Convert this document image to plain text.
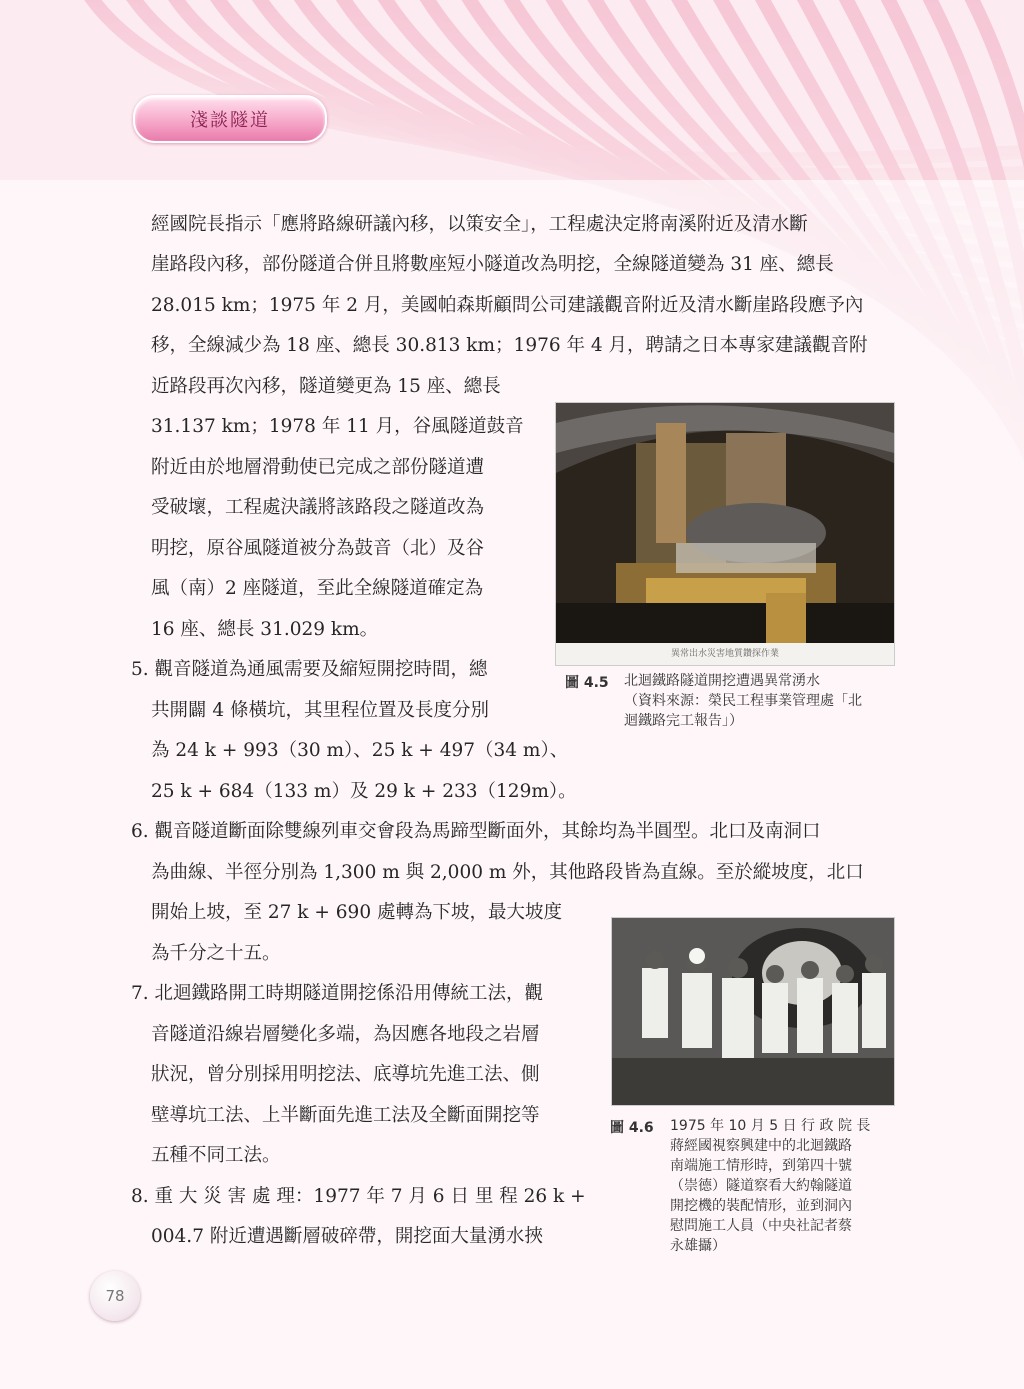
淺談隧道
經國院長指示「應將路線研議內移，以策安全」，工程處決定將南溪附近及清水斷
崖路段內移，部份隧道合併且將數座短小隧道改為明挖，全線隧道變為 31 座、總長
28.015 km；1975 年 2 月，美國帕森斯顧問公司建議觀音附近及清水斷崖路段應予內
移，全線減少為 18 座、總長 30.813 km；1976 年 4 月，聘請之日本專家建議觀音附
近路段再次內移，隧道變更為 15 座、總長
31.137 km；1978 年 11 月，谷風隧道鼓音
附近由於地層滑動使已完成之部份隧道遭
受破壞，工程處決議將該路段之隧道改為
明挖，原谷風隧道被分為鼓音（北）及谷
風（南）2 座隧道，至此全線隧道確定為
16 座、總長 31.029 km。
5. 觀音隧道為通風需要及縮短開挖時間，總
共開闢 4 條橫坑，其里程位置及長度分別
為 24 k + 993（30 m）、25 k + 497（34 m）、
25 k + 684（133 m）及 29 k + 233（129m）。
6. 觀音隧道斷面除雙線列車交會段為馬蹄型斷面外，其餘均為半圓型。北口及南洞口
為曲線、半徑分別為 1,300 m 與 2,000 m 外，其他路段皆為直線。至於縱坡度，北口
開始上坡，至 27 k + 690 處轉為下坡，最大坡度
為千分之十五。
7. 北迴鐵路開工時期隧道開挖係沿用傳統工法，觀
音隧道沿線岩層變化多端，為因應各地段之岩層
狀況，曾分別採用明挖法、底導坑先進工法、側
壁導坑工法、上半斷面先進工法及全斷面開挖等
五種不同工法。
8. 重 大 災 害 處 理：1977 年 7 月 6 日 里 程 26 k +
004.7 附近遭遇斷層破碎帶，開挖面大量湧水挾
異常出水災害地質鑽探作業
圖 4.5 北迴鐵路隧道開挖遭遇異常湧水
（資料來源：榮民工程事業管理處「北
迴鐵路完工報告」）
圖 4.6 1975 年 10 月 5 日 行 政 院 長
蔣經國視察興建中的北迴鐵路
南端施工情形時，到第四十號
（崇德）隧道察看大約翰隧道
開挖機的裝配情形，並到洞內
慰問施工人員（中央社記者蔡
永雄攝）
78
